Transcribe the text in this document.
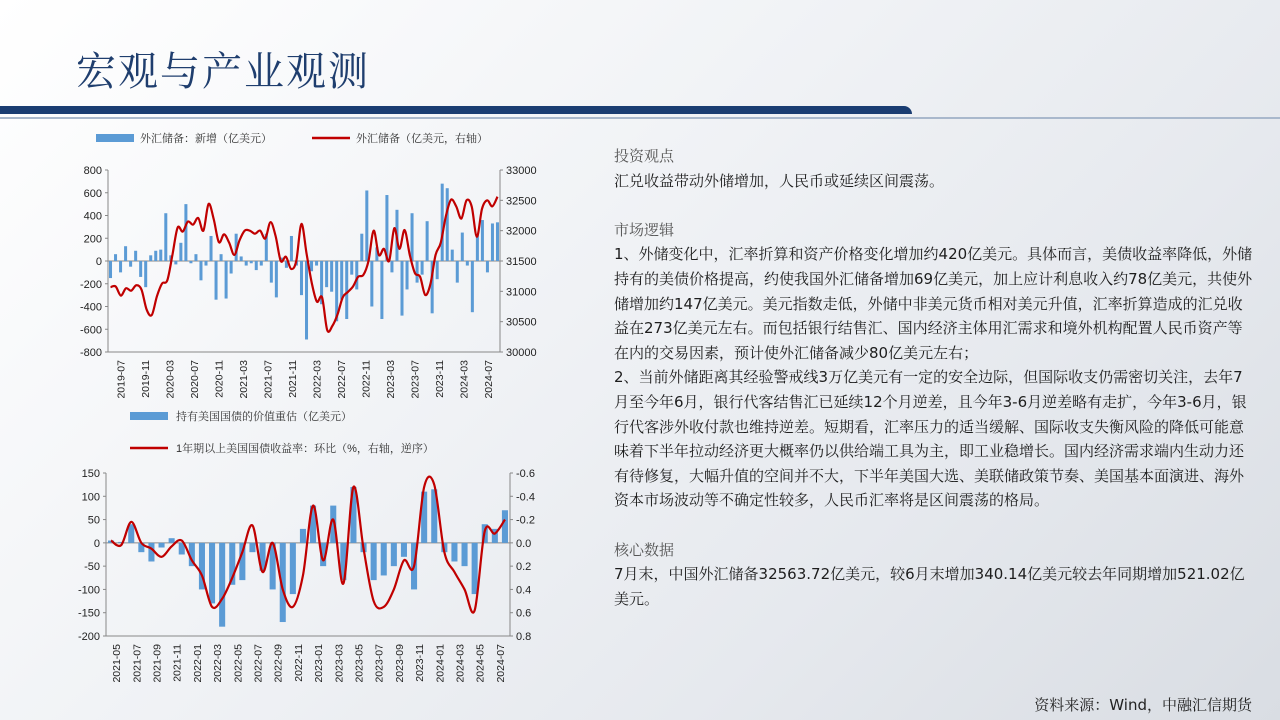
宏观与产业观测
外汇储备：新增（亿美元）	外汇储备（亿美元，右轴）
-800
-600
-400
-200
0
200
400
600
800
30000
30500
31000
31500
32000
32500
33000
2019-07 2019-11 2020-03 2020-07 2020-11 2021-03 2021-07 2021-11 2022-03 2022-07 2022-11 2023-03 2023-07 2023-11 2024-03 2024-07
持有美国国债的价值重估（亿美元）
1年期以上美国国债收益率：环比（%，右轴，逆序）
-200
-150
-100
-50
0
50
100
150	-0.6
-0.4
-0.2
0.0
0.2
0.4
0.6
0.8
2021-05 2021-07 2021-09 2021-11 2022-01 2022-03 2022-05 2022-07 2022-09 2022-11 2023-01 2023-03 2023-05 2023-07 2023-09 2023-11 2024-01 2024-03 2024-05 2024-07
投资观点

汇兑收益带动外储增加，人民币或延续区间震荡。

市场逻辑

1、外储变化中，汇率折算和资产价格变化增加约420亿美元。具体而言，美债收益率降低，外储持有的美债价格提高，约使我国外汇储备增加69亿美元，加上应计利息收入约78亿美元，共使外储增加约147亿美元。美元指数走低，外储中非美元货币相对美元升值，汇率折算造成的汇兑收益在273亿美元左右。而包括银行结售汇、国内经济主体用汇需求和境外机构配置人民币资产等在内的交易因素，预计使外汇储备减少80亿美元左右；

2、当前外储距离其经验警戒线3万亿美元有一定的安全边际，但国际收支仍需密切关注，去年7月至今年6月，银行代客结售汇已延续12个月逆差，且今年3-6月逆差略有走扩，今年3-6月，银行代客涉外收付款也维持逆差。短期看，汇率压力的适当缓解、国际收支失衡风险的降低可能意味着下半年拉动经济更大概率仍以供给端工具为主，即工业稳增长。国内经济需求端内生动力还有待修复，大幅升值的空间并不大，下半年美国大选、美联储政策节奏、美国基本面演进、海外资本市场波动等不确定性较多，人民币汇率将是区间震荡的格局。

核心数据

7月末，中国外汇储备32563.72亿美元，较6月末增加340.14亿美元较去年同期增加521.02亿美元。

资料来源：Wind，中融汇信期货
